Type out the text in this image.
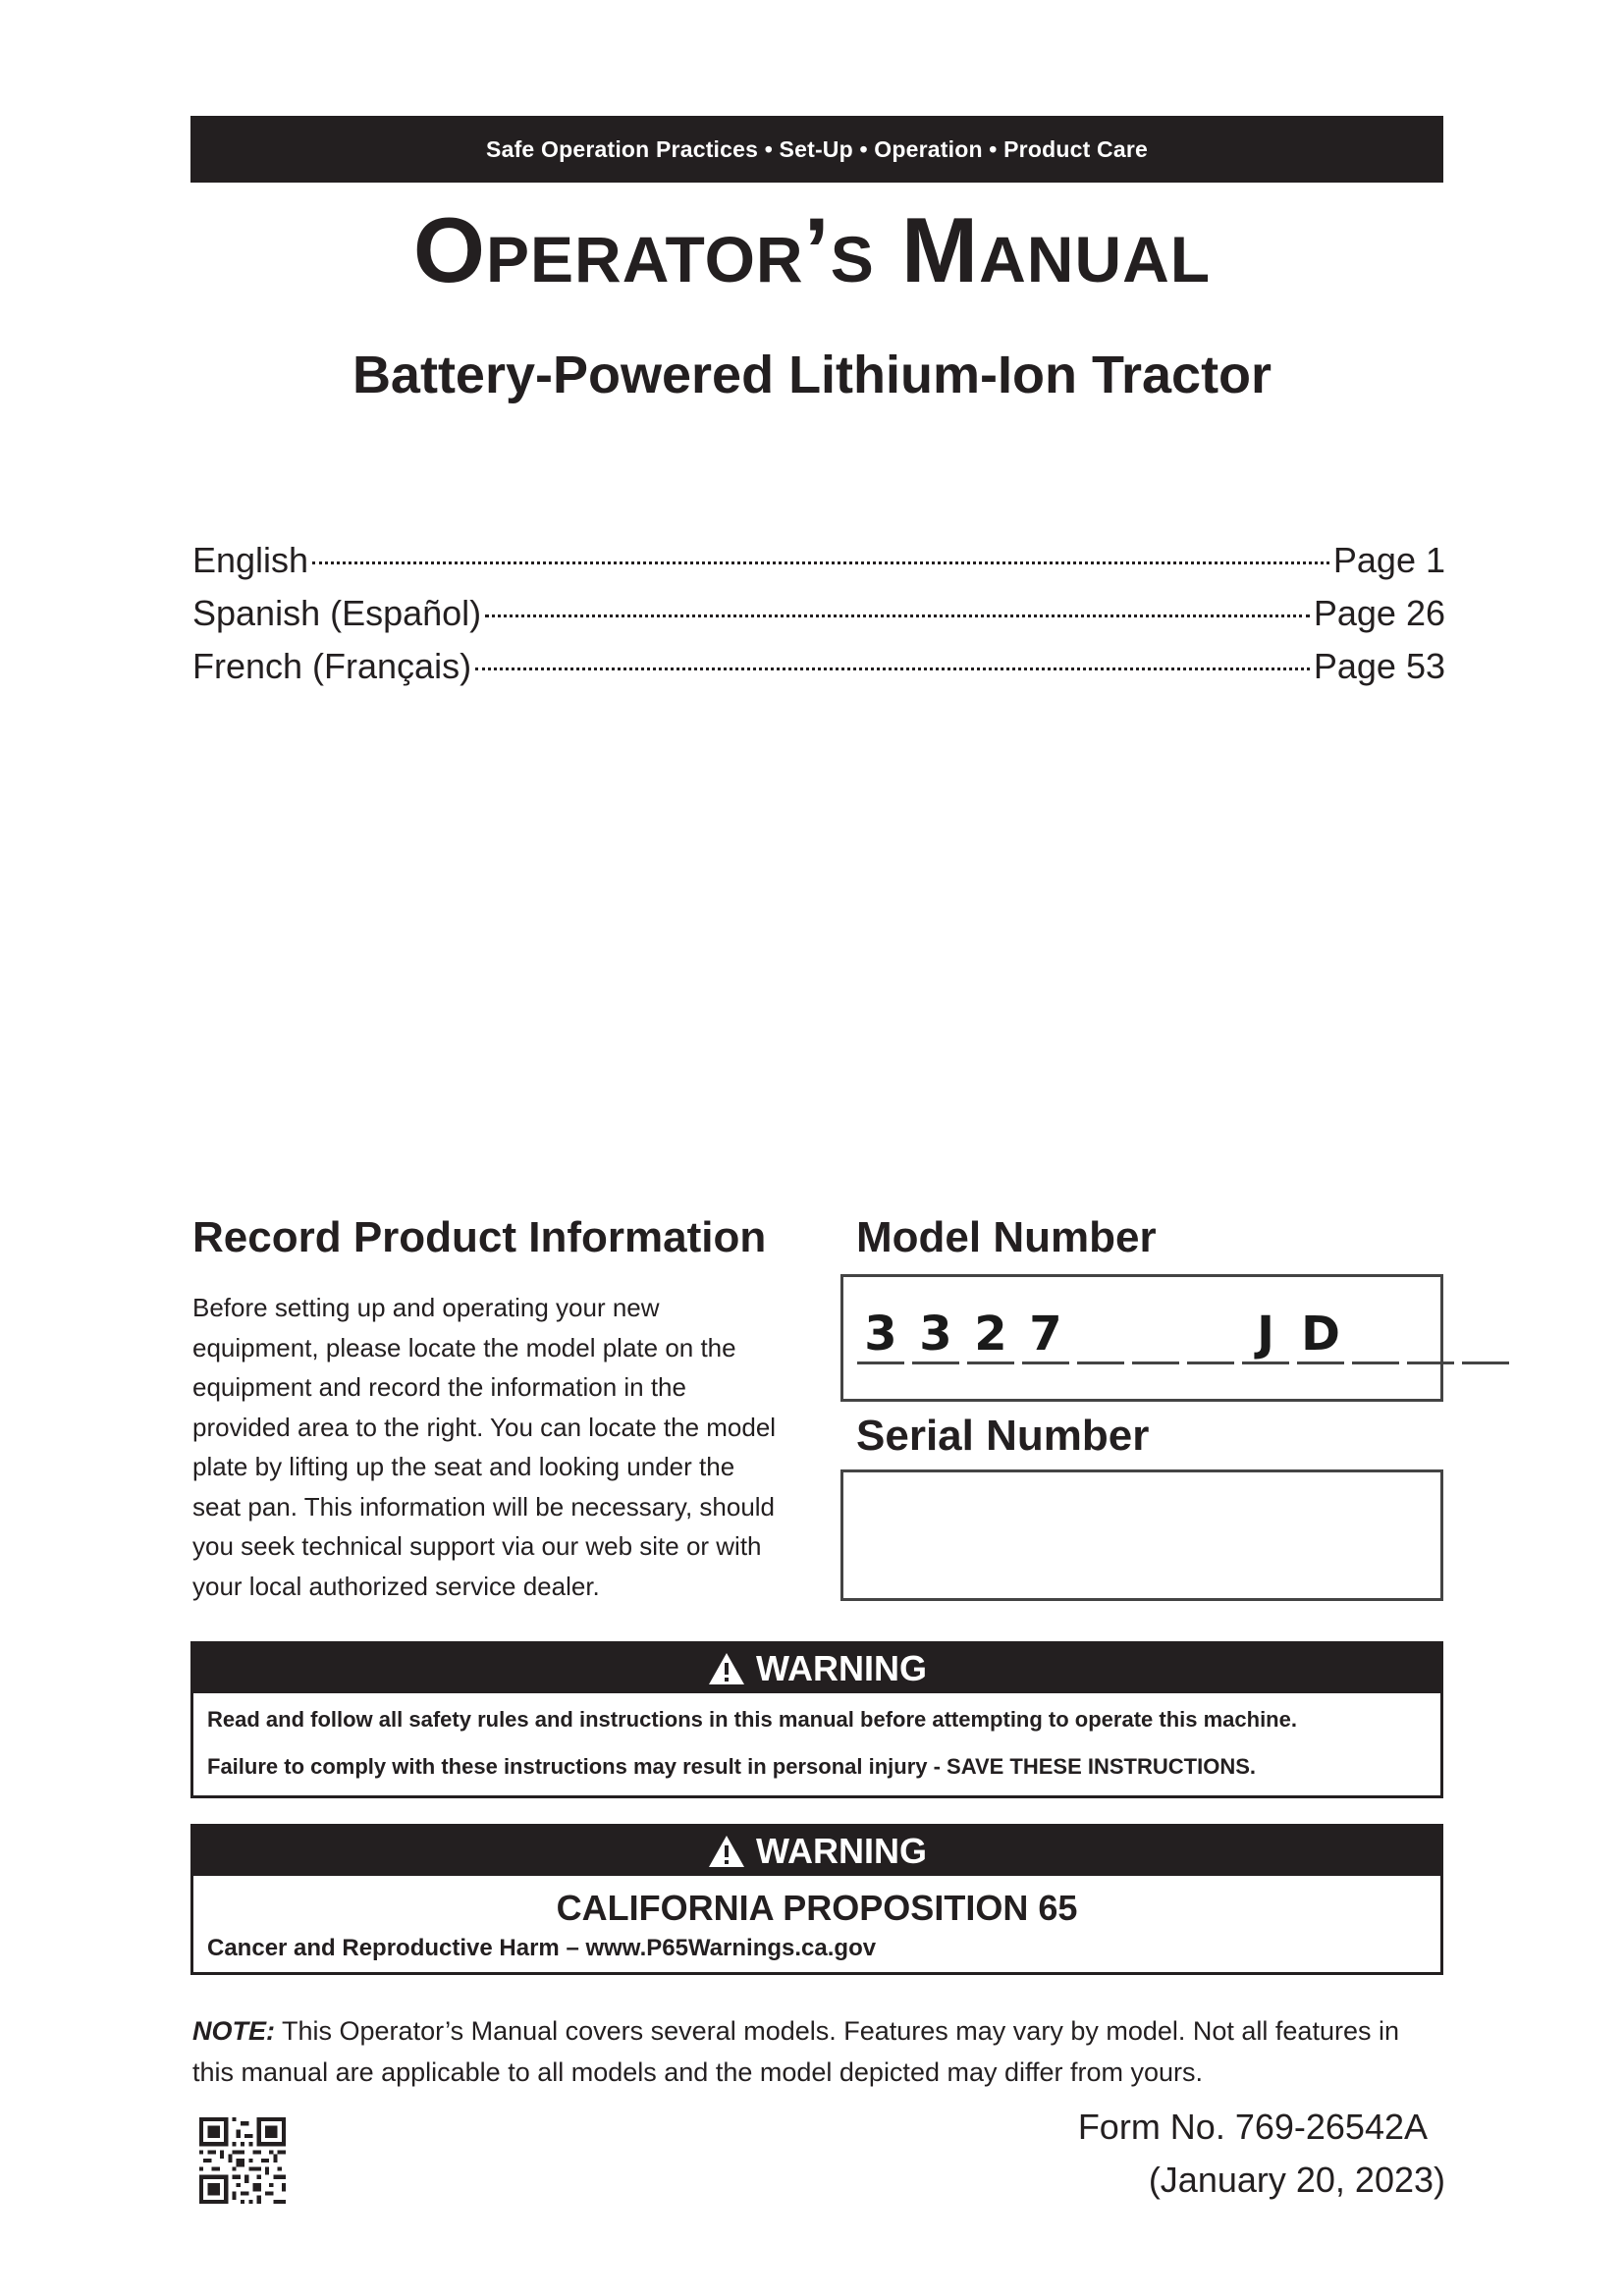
Safe Operation Practices • Set-Up • Operation • Product Care
Operator’s Manual
Battery-Powered Lithium-Ion Tractor
English	Page 1
Spanish (Español)	Page 26
French (Français)	Page 53
Record Product Information
Before setting up and operating your new equipment, please locate the model plate on the equipment and record the information in the provided area to the right. You can locate the model plate by lifting up the seat and looking under the seat pan. This information will be necessary, should you seek technical support via our web site or with your local authorized service dealer.
Model Number
3 3 2 7	J D
Serial Number
WARNING
Read and follow all safety rules and instructions in this manual before attempting to operate this machine.
Failure to comply with these instructions may result in personal injury - SAVE THESE INSTRUCTIONS.
WARNING
CALIFORNIA PROPOSITION 65
Cancer and Reproductive Harm – www.P65Warnings.ca.gov
NOTE: This Operator’s Manual covers several models. Features may vary by model. Not all features in this manual are applicable to all models and the model depicted may differ from yours.
Form No. 769-26542A
(January 20, 2023)
